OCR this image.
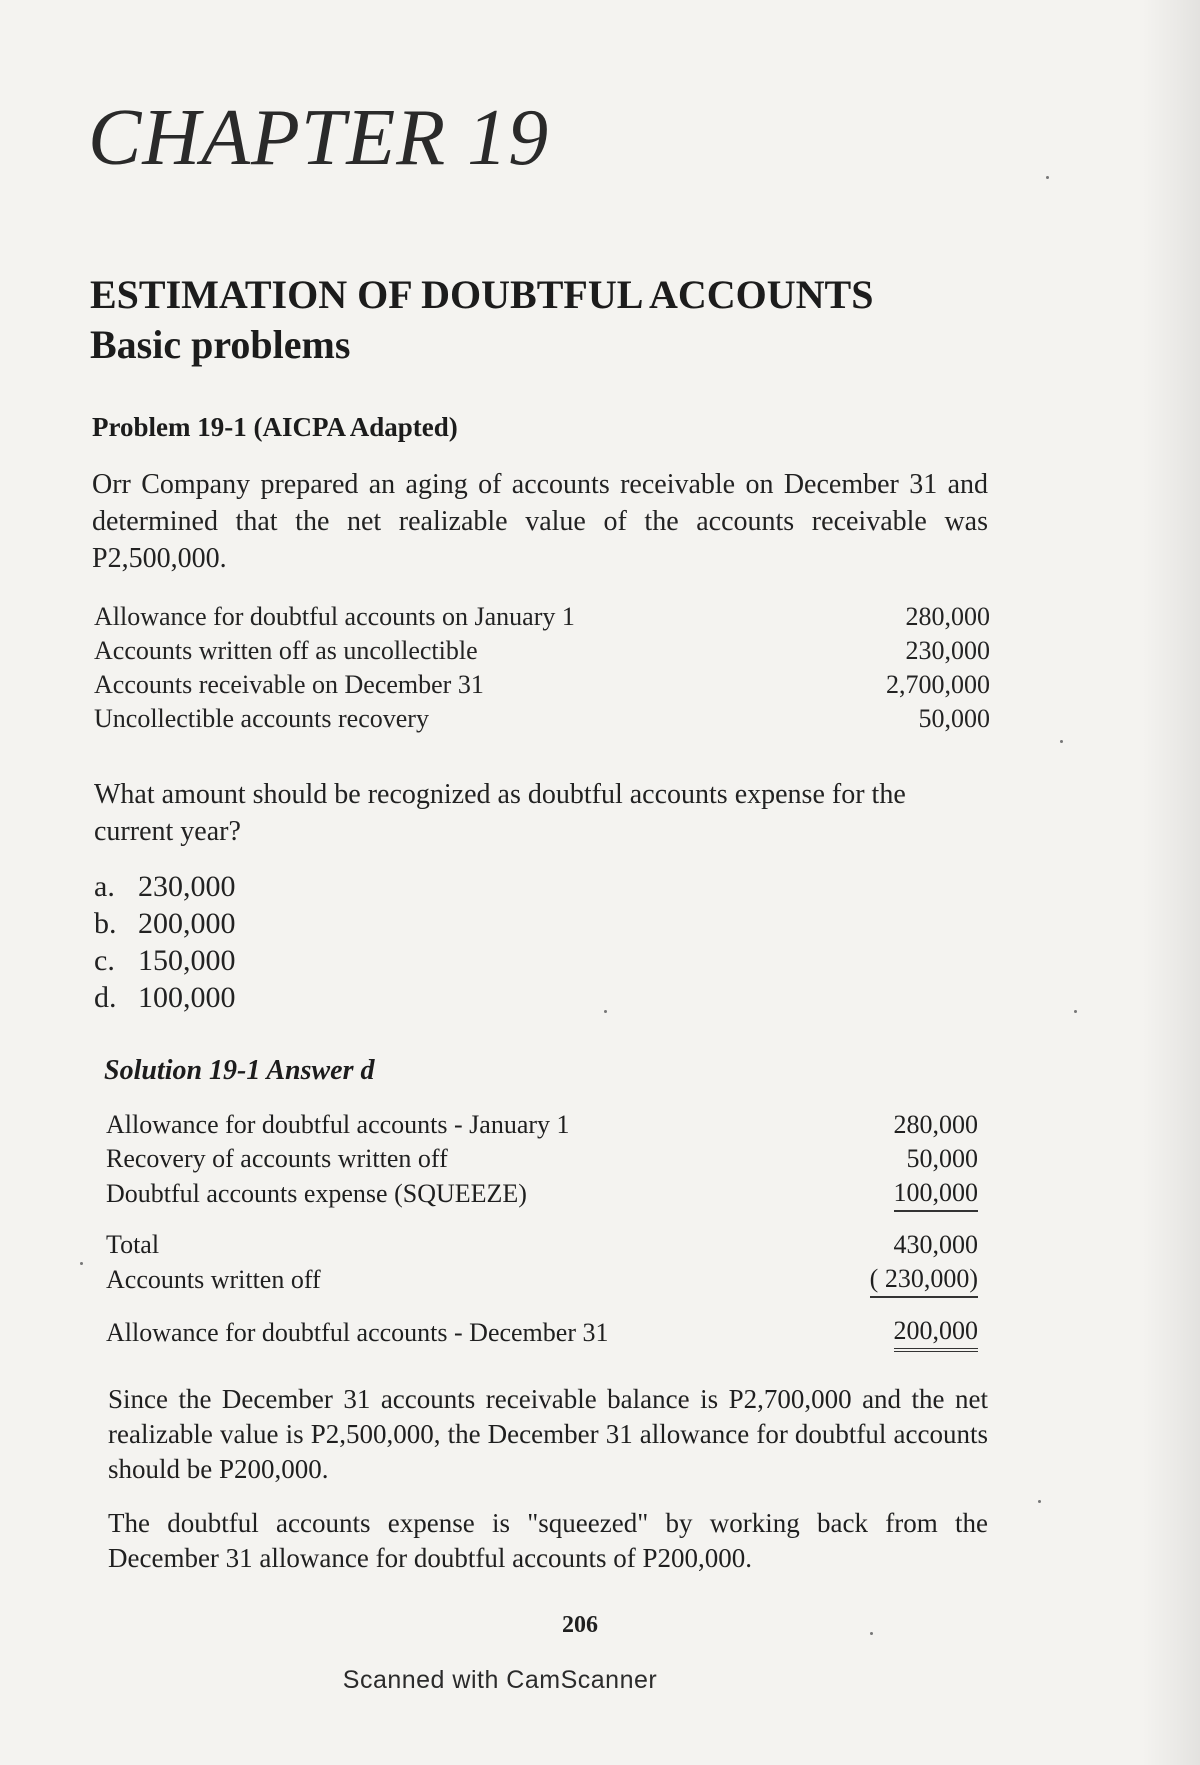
CHAPTER 19
ESTIMATION OF DOUBTFUL ACCOUNTS
Basic problems
Problem 19-1 (AICPA Adapted)

Orr Company prepared an aging of accounts receivable on December 31 and determined that the net realizable value of the accounts receivable was P2,500,000.

Allowance for doubtful accounts on January 1	280,000
Accounts written off as uncollectible	230,000
Accounts receivable on December 31	2,700,000
Uncollectible accounts recovery	50,000

What amount should be recognized as doubtful accounts expense for the current year?

a. 230,000
b. 200,000
c. 150,000
d. 100,000
Solution 19-1 Answer d
Allowance for doubtful accounts - January 1	280,000
Recovery of accounts written off	50,000
Doubtful accounts expense (SQUEEZE)	100,000

Total	430,000
Accounts written off	( 230,000)

Allowance for doubtful accounts - December 31	200,000

Since the December 31 accounts receivable balance is P2,700,000 and the net realizable value is P2,500,000, the December 31 allowance for doubtful accounts should be P200,000.

The doubtful accounts expense is "squeezed" by working back from the December 31 allowance for doubtful accounts of P200,000.

206

Scanned with CamScanner
